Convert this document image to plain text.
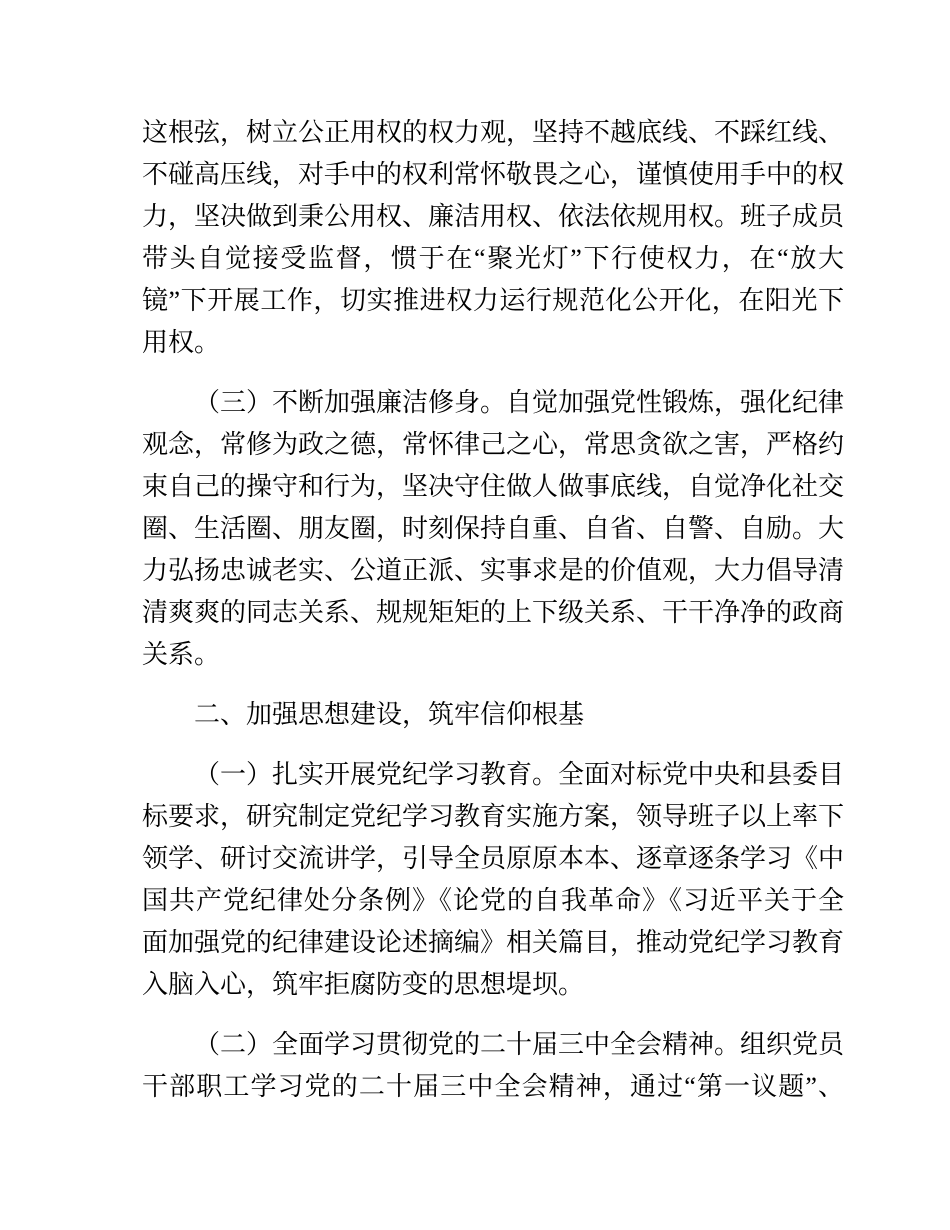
这根弦，树立公正用权的权力观，坚持不越底线、不踩红线、
不碰高压线，对手中的权利常怀敬畏之心，谨慎使用手中的权
力，坚决做到秉公用权、廉洁用权、依法依规用权。班子成员
带头自觉接受监督，惯于在“聚光灯”下行使权力，在“放大
镜”下开展工作，切实推进权力运行规范化公开化，在阳光下
用权。
（三）不断加强廉洁修身。自觉加强党性锻炼，强化纪律
观念，常修为政之德，常怀律己之心，常思贪欲之害，严格约
束自己的操守和行为，坚决守住做人做事底线，自觉净化社交
圈、生活圈、朋友圈，时刻保持自重、自省、自警、自励。大
力弘扬忠诚老实、公道正派、实事求是的价值观，大力倡导清
清爽爽的同志关系、规规矩矩的上下级关系、干干净净的政商
关系。
二、加强思想建设，筑牢信仰根基
（一）扎实开展党纪学习教育。全面对标党中央和县委目
标要求，研究制定党纪学习教育实施方案，领导班子以上率下
领学、研讨交流讲学，引导全员原原本本、逐章逐条学习《中
国共产党纪律处分条例》《论党的自我革命》《习近平关于全
面加强党的纪律建设论述摘编》相关篇目，推动党纪学习教育
入脑入心，筑牢拒腐防变的思想堤坝。
（二）全面学习贯彻党的二十届三中全会精神。组织党员
干部职工学习党的二十届三中全会精神，通过“第一议题”、
